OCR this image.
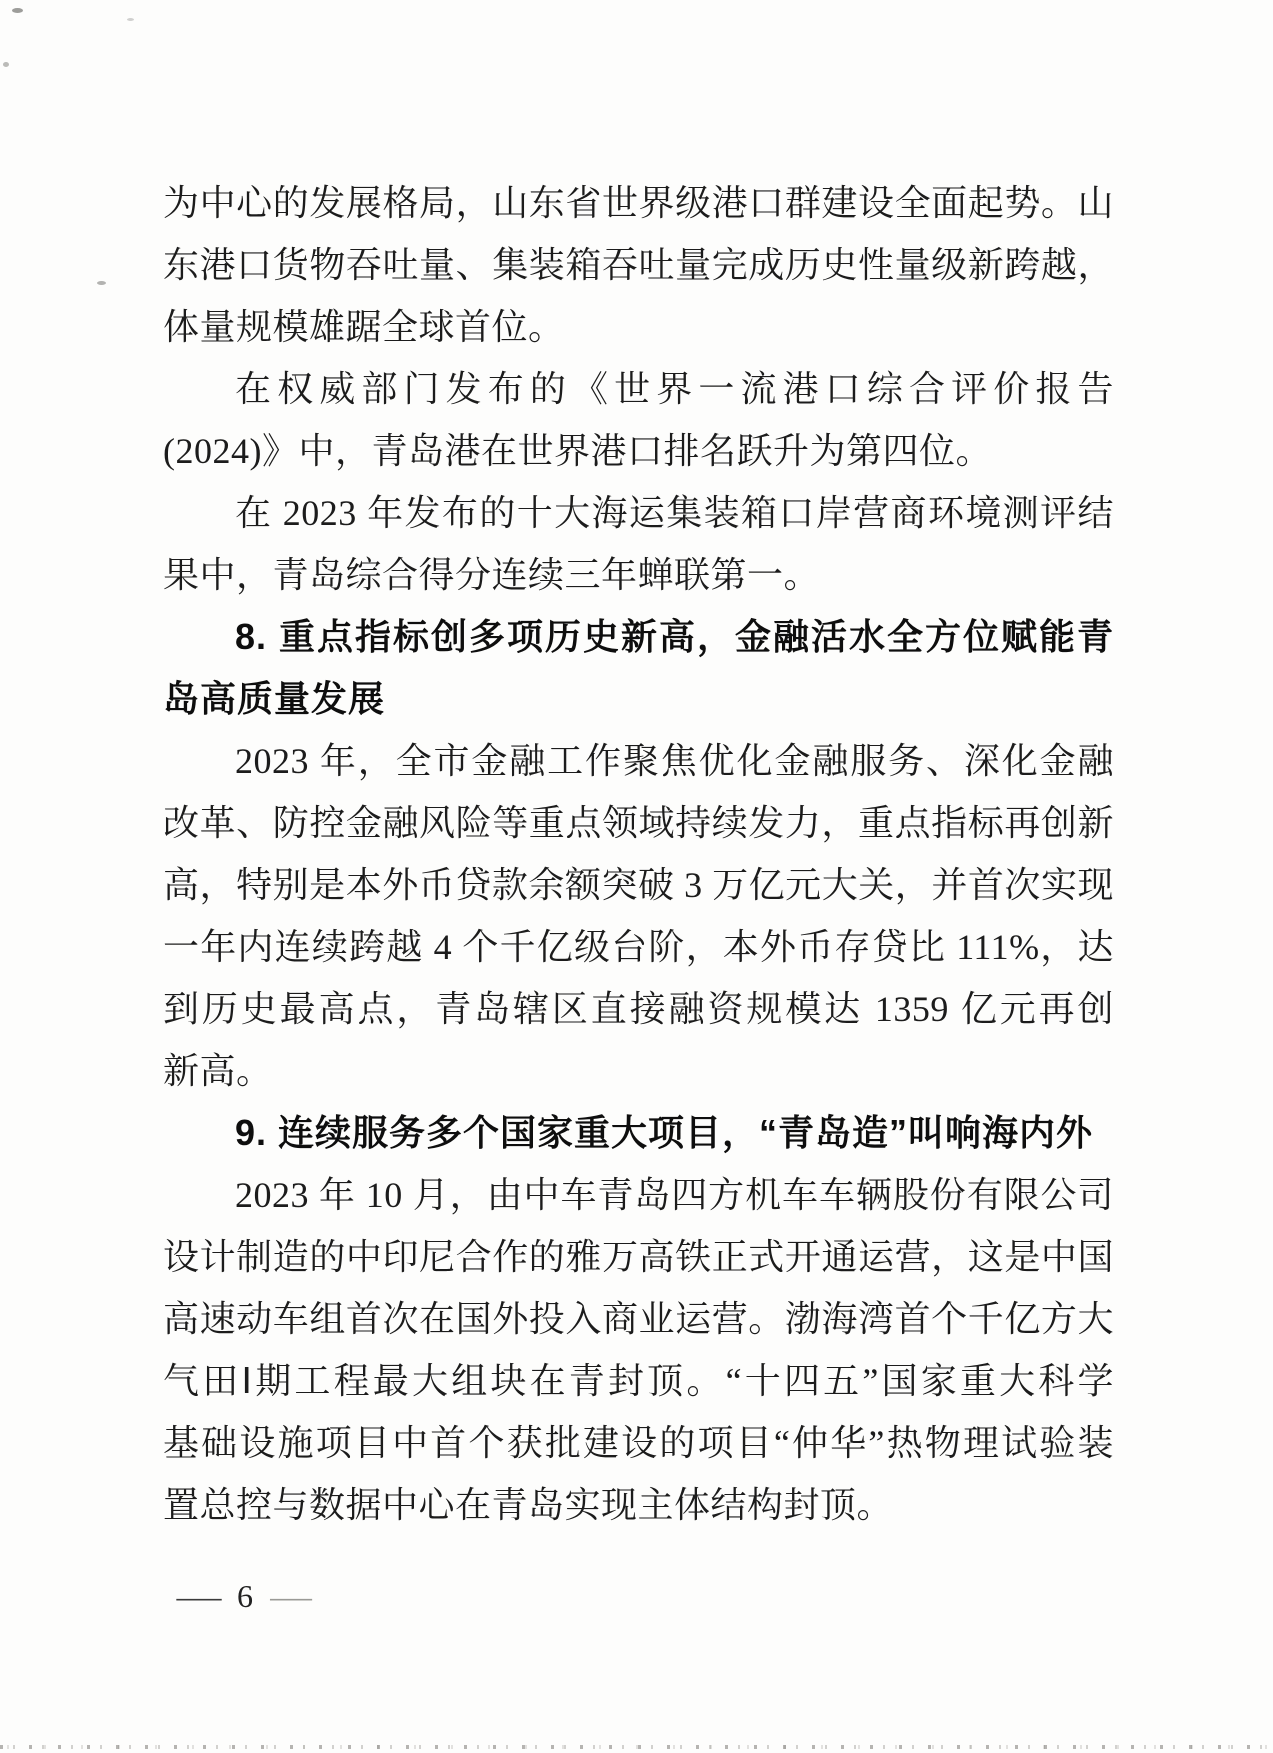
为中心的发展格局，山东省世界级港口群建设全面起势。山
东港口货物吞吐量、集装箱吞吐量完成历史性量级新跨越，
体量规模雄踞全球首位。
在权威部门发布的《世界一流港口综合评价报告
(2024)》中，青岛港在世界港口排名跃升为第四位。
在 2023 年发布的十大海运集装箱口岸营商环境测评结
果中，青岛综合得分连续三年蝉联第一。
8. 重点指标创多项历史新高，金融活水全方位赋能青
岛高质量发展
2023 年，全市金融工作聚焦优化金融服务、深化金融
改革、防控金融风险等重点领域持续发力，重点指标再创新
高，特别是本外币贷款余额突破 3 万亿元大关，并首次实现
一年内连续跨越 4 个千亿级台阶，本外币存贷比 111%，达
到历史最高点，青岛辖区直接融资规模达 1359 亿元再创
新高。
9. 连续服务多个国家重大项目，“青岛造”叫响海内外
2023 年 10 月，由中车青岛四方机车车辆股份有限公司
设计制造的中印尼合作的雅万高铁正式开通运营，这是中国
高速动车组首次在国外投入商业运营。渤海湾首个千亿方大
气田Ⅰ期工程最大组块在青封顶。“十四五”国家重大科学
基础设施项目中首个获批建设的项目“仲华”热物理试验装
置总控与数据中心在青岛实现主体结构封顶。
— 6 —
